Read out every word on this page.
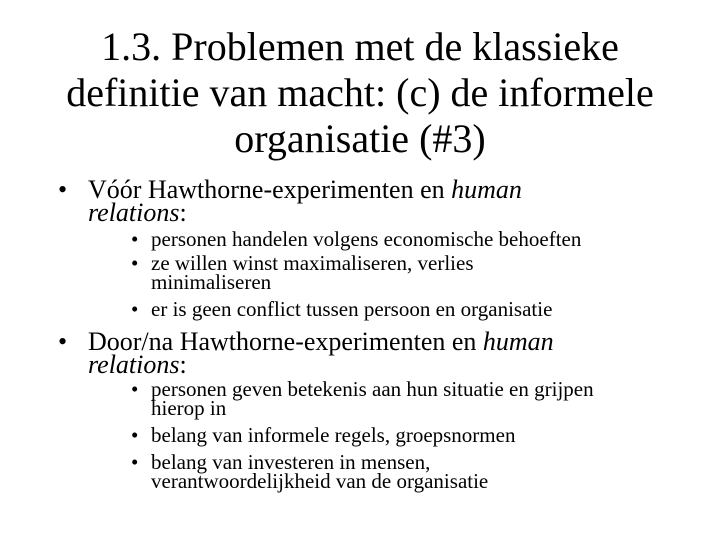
1.3. Problemen met de klassieke
definitie van macht: (c) de informele
organisatie (#3)
• Vóór Hawthorne-experimenten en human
relations:
• personen handelen volgens economische behoeften
• ze willen winst maximaliseren, verlies
minimaliseren
• er is geen conflict tussen persoon en organisatie
• Door/na Hawthorne-experimenten en human
relations:
• personen geven betekenis aan hun situatie en grijpen
hierop in
• belang van informele regels, groepsnormen
• belang van investeren in mensen,
verantwoordelijkheid van de organisatie
